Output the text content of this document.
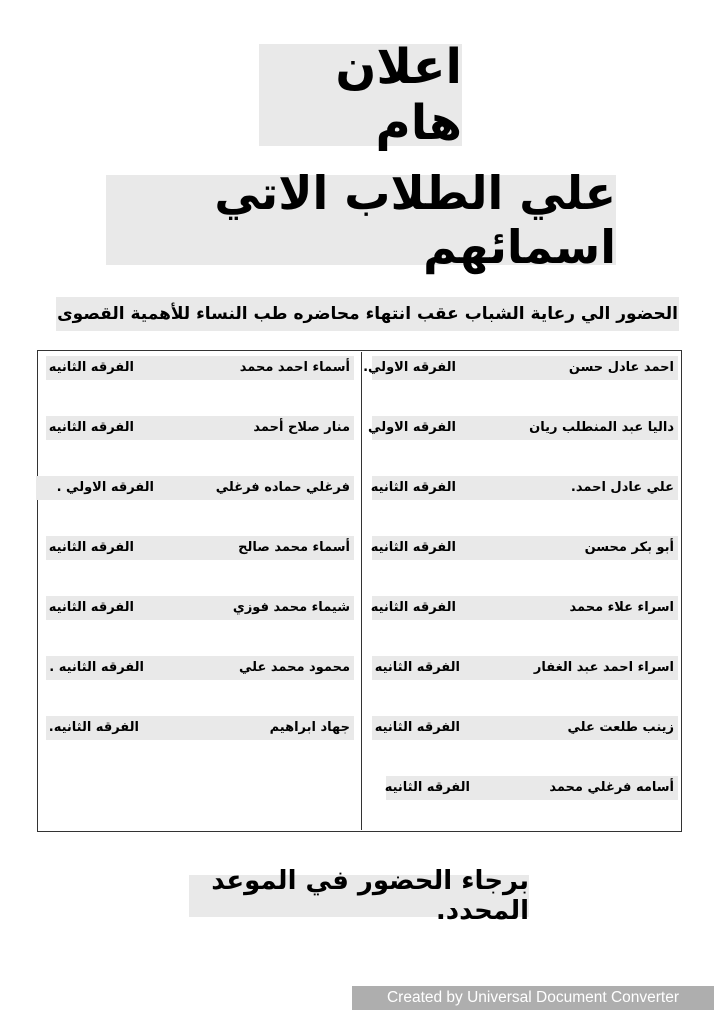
اعلان هام
علي الطلاب الاتي اسمائهم
الحضور الي رعاية الشباب عقب انتهاء محاضره طب النساء للأهمية القصوى
احمد عادل حسن
الفرقه الاولي.
داليا عبد المنطلب ريان
الفرقه الاولي
علي عادل احمد.
الفرقه الثانيه
أبو بكر محسن
الفرقه الثانيه
اسراء علاء محمد
الفرقه الثانيه
اسراء احمد عبد الغفار
الفرقه الثانيه
زينب طلعت علي
الفرقه الثانيه
أسامه فرغلي محمد
الفرقه الثانيه
أسماء احمد محمد
الفرقه الثانيه
منار صلاح أحمد
الفرقه الثانيه
فرغلي حماده فرغلي
الفرقه الاولي .
أسماء محمد صالح
الفرقه الثانيه
شيماء محمد فوزي
الفرقه الثانيه
محمود محمد علي
الفرقه الثانيه .
جهاد ابراهيم
الفرقه الثانيه.
برجاء الحضور في الموعد المحدد.
Created by Universal Document Converter
